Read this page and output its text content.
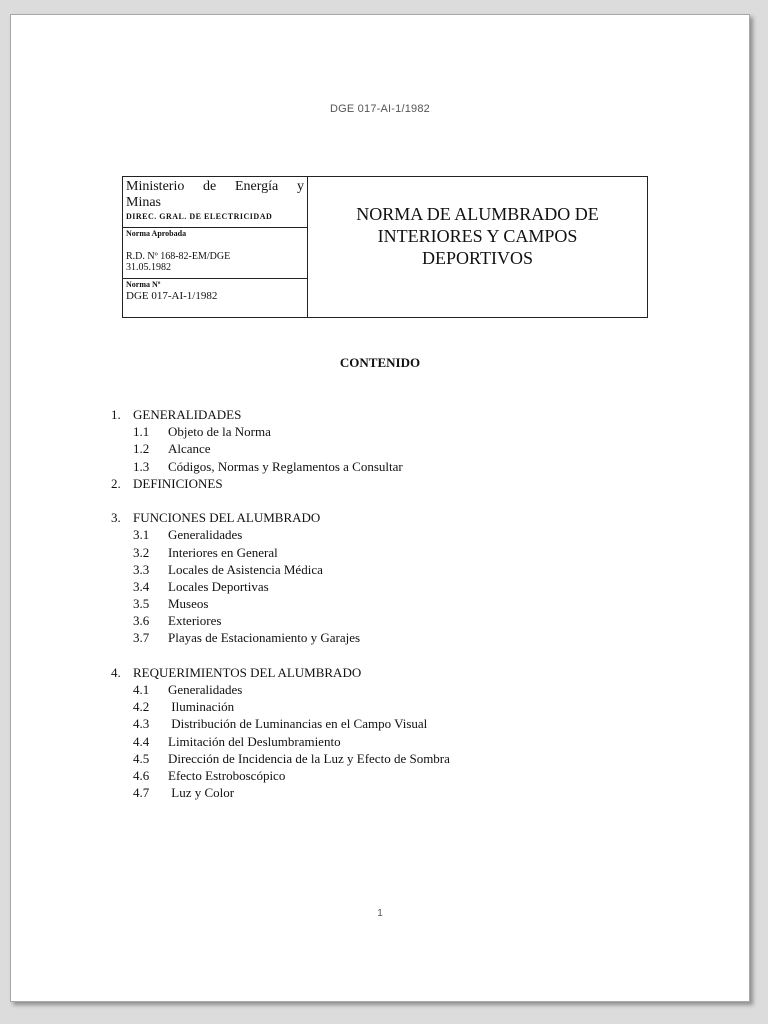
DGE 017-AI-1/1982
Ministerio de Energía y
Minas
DIREC. GRAL. DE ELECTRICIDAD
Norma Aprobada
R.D. Nº 168-82-EM/DGE
31.05.1982
Norma Nº
DGE 017-AI-1/1982
NORMA DE ALUMBRADO DE
INTERIORES Y CAMPOS
DEPORTIVOS
CONTENIDO
1. GENERALIDADES
1.1 Objeto de la Norma
1.2 Alcance
1.3 Códigos, Normas y Reglamentos a Consultar
2. DEFINICIONES
3. FUNCIONES DEL ALUMBRADO
3.1 Generalidades
3.2 Interiores en General
3.3 Locales de Asistencia Médica
3.4 Locales Deportivas
3.5 Museos
3.6 Exteriores
3.7 Playas de Estacionamiento y Garajes
4. REQUERIMIENTOS DEL ALUMBRADO
4.1 Generalidades
4.2 Iluminación
4.3 Distribución de Luminancias en el Campo Visual
4.4 Limitación del Deslumbramiento
4.5 Dirección de Incidencia de la Luz y Efecto de Sombra
4.6 Efecto Estroboscópico
4.7 Luz y Color
1
